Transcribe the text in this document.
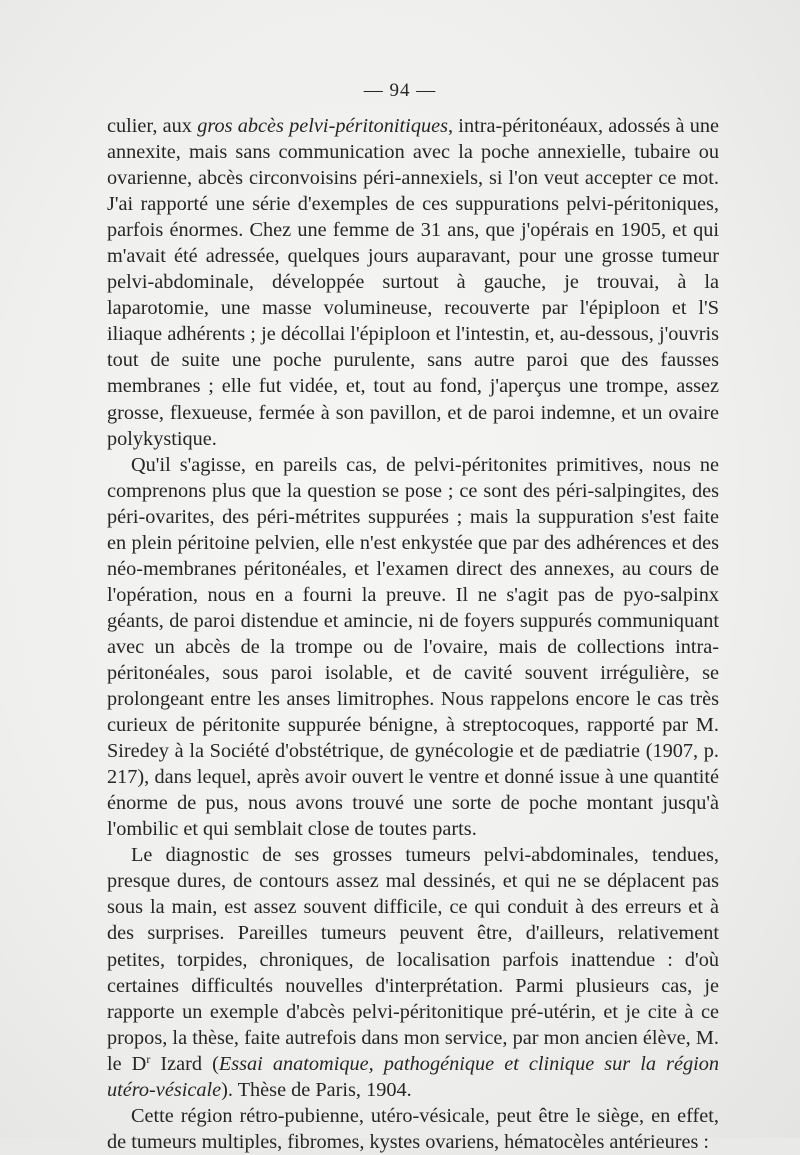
— 94 —

culier, aux gros abcès pelvi-péritonitiques, intra-péritonéaux, adossés à une annexite, mais sans communication avec la poche annexielle, tubaire ou ovarienne, abcès circonvoisins péri-annexiels, si l'on veut accepter ce mot. J'ai rapporté une série d'exemples de ces suppurations pelvi-péritoniques, parfois énormes. Chez une femme de 31 ans, que j'opérais en 1905, et qui m'avait été adressée, quelques jours auparavant, pour une grosse tumeur pelvi-abdominale, développée surtout à gauche, je trouvai, à la laparotomie, une masse volumineuse, recouverte par l'épiploon et l'S iliaque adhérents ; je décollai l'épiploon et l'intestin, et, au-dessous, j'ouvris tout de suite une poche purulente, sans autre paroi que des fausses membranes ; elle fut vidée, et, tout au fond, j'aperçus une trompe, assez grosse, flexueuse, fermée à son pavillon, et de paroi indemne, et un ovaire polykystique.

Qu'il s'agisse, en pareils cas, de pelvi-péritonites primitives, nous ne comprenons plus que la question se pose ; ce sont des péri-salpingites, des péri-ovarites, des péri-métrites suppurées ; mais la suppuration s'est faite en plein péritoine pelvien, elle n'est enkystée que par des adhérences et des néo-membranes péritonéales, et l'examen direct des annexes, au cours de l'opération, nous en a fourni la preuve. Il ne s'agit pas de pyo-salpinx géants, de paroi distendue et amincie, ni de foyers suppurés communiquant avec un abcès de la trompe ou de l'ovaire, mais de collections intra-péritonéales, sous paroi isolable, et de cavité souvent irrégulière, se prolongeant entre les anses limitrophes. Nous rappelons encore le cas très curieux de péritonite suppurée bénigne, à streptocoques, rapporté par M. Siredey à la Société d'obstétrique, de gynécologie et de pædiatrie (1907, p. 217), dans lequel, après avoir ouvert le ventre et donné issue à une quantité énorme de pus, nous avons trouvé une sorte de poche montant jusqu'à l'ombilic et qui semblait close de toutes parts.

Le diagnostic de ses grosses tumeurs pelvi-abdominales, tendues, presque dures, de contours assez mal dessinés, et qui ne se déplacent pas sous la main, est assez souvent difficile, ce qui conduit à des erreurs et à des surprises. Pareilles tumeurs peuvent être, d'ailleurs, relativement petites, torpides, chroniques, de localisation parfois inattendue : d'où certaines difficultés nouvelles d'interprétation. Parmi plusieurs cas, je rapporte un exemple d'abcès pelvi-péritonitique pré-utérin, et je cite à ce propos, la thèse, faite autrefois dans mon service, par mon ancien élève, M. le $D^r$ Izard (Essai anatomique, pathogénique et clinique sur la région utéro-vésicale). Thèse de Paris, 1904.

Cette région rétro-pubienne, utéro-vésicale, peut être le siège, en effet, de tumeurs multiples, fibromes, kystes ovariens, hématocèles antérieures :
